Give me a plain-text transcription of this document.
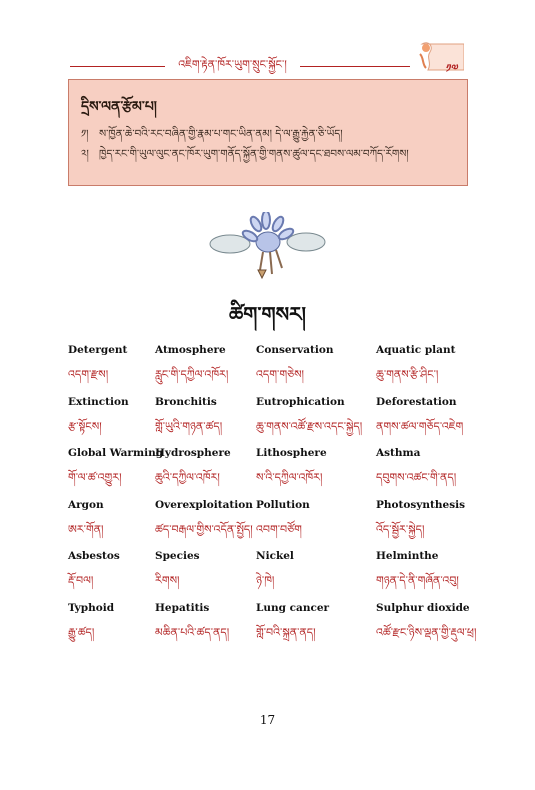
འཇིག་རྟེན་ཁོར་ཡུག་སྲུང་སྐྱོང་།	༡༧
དྲིས་ལན་རྩོམ་པ།
༡། ས་ཁྱོན་ཆེ་བའི་རང་བཞིན་གྱི་རྣམ་པ་གང་ཡིན་ནམ། དེ་ལ་རྒྱུ་རྐྱེན་ཅི་ཡོད།
༢། ཁྱེད་རང་གི་ཡུལ་ལུང་ནང་ཁོར་ཡུག་གནོད་སྐྱོན་གྱི་གནས་ཚུལ་དང་ཐབས་ལམ་བཀོད་རོགས།
ཚིག་གསར།
Detergent
འདག་རྫས།
Atmosphere
རླུང་གི་དཀྱིལ་འཁོར།
Conservation
འདག་གཅེས།
Aquatic plant
ཆུ་གནས་རྩི་ཤིང་།
Extinction
རྩ་སྟོངས།
Bronchitis
གློ་ཡུའི་གཉན་ཚད།
Eutrophication
ཆུ་གནས་འཚོ་རྫས་འདང་སྐྱེད།
Deforestation
ནགས་ཚལ་གཅོད་འཇེག
Global Warming
གོ་ལ་ཚ་འགྱུར།
Hydrosphere
ཆུའི་དཀྱིལ་འཁོར།
Lithosphere
ས་འི་དཀྱིལ་འཁོར།
Asthma
དབུགས་འཚང་གི་ནད།
Argon
ཨར་གོན།
Overexploitation
ཚད་བརྒལ་གྱིས་འདོན་སྤྱོད།
Pollution
འབག་བཙོག
Photosynthesis
འོད་སྦྱོར་སྐྱེད།
Asbestos
རྡོ་བལ།
Species
རིགས།
Nickel
ཉེ་ཁེ།
Helminthe
གཉན་དེ་ནི་གཞོན་འབུ།
Typhoid
རྒྱུ་ཚད།
Hepatitis
མཆིན་པའི་ཚད་ནད།
Lung cancer
གློ་བའི་སྐྲན་ནད།
Sulphur dioxide
འཚོ་རྫང་ཉིས་ལྡན་གྱི་རྡུལ་ཕྲ།
17
